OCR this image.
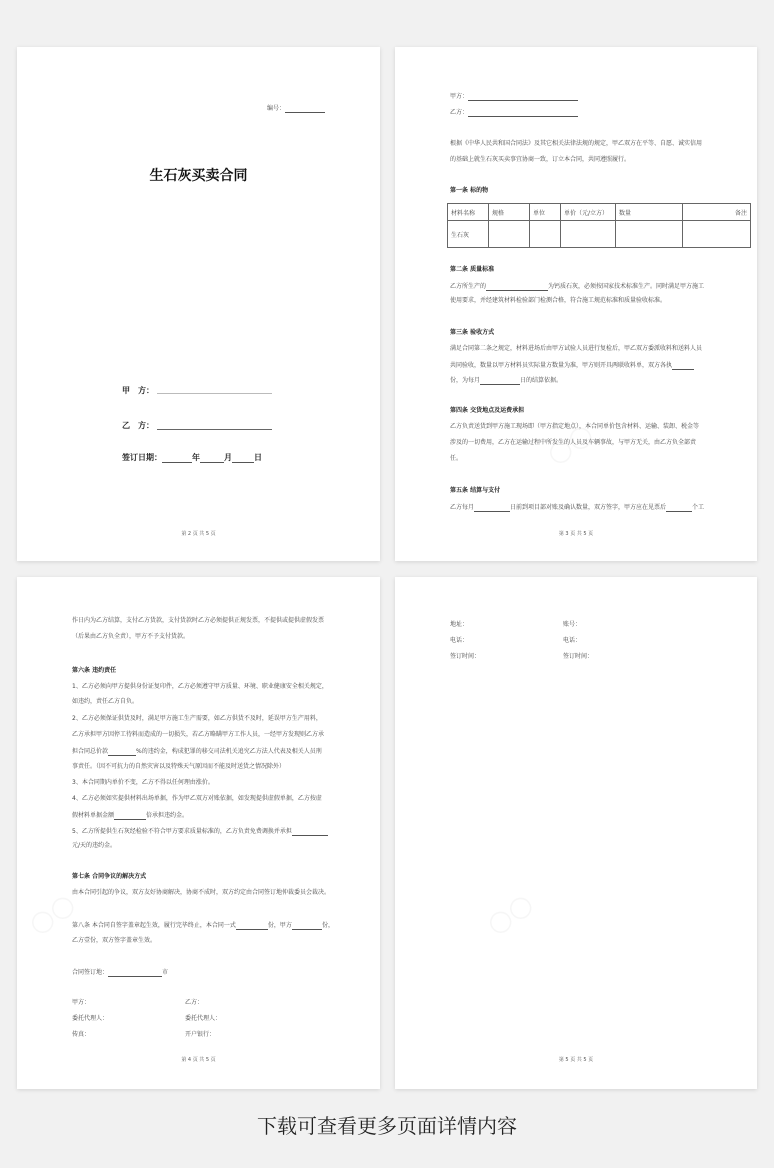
编号：
生石灰买卖合同
甲　方：
乙　方：
签订日期：	年	月	日
第 2 页 共 5 页
甲方：
乙方：
根据《中华人民共和国合同法》及其它相关法律法规的规定，甲乙双方在平等、自愿、诚实信用
的基础上就生石灰买卖事宜协商一致，订立本合同，共同遵照履行。
第一条 标的物
材料名称	规格	单位	单价（元/立方）	数量	备注
生石灰					
第二条 质量标准
乙方所生产的	为钙质石灰，必须按国家技术标准生产。同时满足甲方施工
使用要求，并经建筑材料检验部门检测合格，符合施工规范标准和质量验收标准。
第三条 验收方式
满足合同第二条之规定，材料进场后由甲方试验人员进行复检后，甲乙双方委派收料和送料人员
共同验收，数量以甲方材料员实际量方数量为准，甲方则开具两联收料单，双方各执
份，为每月	日的结算依据。
第四条 交货地点及运费承担
乙方负责送货到甲方施工现场即（甲方指定地点），本合同单价包含材料、运输、装卸、税金等
涉及的一切费用，乙方在运输过程中所发生的人员及车辆事故，与甲方无关，由乙方负全部责
任。
第五条 结算与支付
乙方每月	日前到项目部对账及确认数量，双方签字，甲方应在见票后	个工
第 3 页 共 5 页
作日内为乙方结算，支付乙方货款，支付货款时乙方必须提供正规发票，不提供或提供虚假发票
（后果由乙方负全责），甲方不予支付货款。
第六条 违约责任
1、乙方必须向甲方提供身份证复印件，乙方必须遵守甲方质量、环境、职业健康安全相关规定，
如违约，责任乙方自负。
2、乙方必须保证供货及时，满足甲方施工生产需要，如乙方供货不及时，延误甲方生产用料，
乙方承担甲方因停工待料而造成的一切损失，若乙方略瞒甲方工作人员，一经甲方发现则乙方承
担合同总价款	%的违约金，构成犯罪的移交司法机关追究乙方法人代表及相关人员刑
事责任。（因不可抗力的自然灾害以及特殊天气原因而不能及时送货之情况除外）
3、本合同期内单价不变，乙方不得以任何理由涨价。
4、乙方必须如实提供材料出场单据，作为甲乙双方对账依据，如发现提供虚假单据，乙方按虚
假材料单据金额	倍承担违约金。
5、乙方所提供生石灰经检验不符合甲方要求质量标准的，乙方负责免费调换并承担
元/天的违约金。
第七条 合同争议的解决方式
由本合同引起的争议，双方友好协商解决，协商不成时，双方约定由合同签订地仲裁委员会裁决。
第八条 本合同自签字盖章起生效，履行完毕终止，本合同一式	份，甲方	份，
乙方壹份，双方签字盖章生效。
合同签订地：	市
甲方：	乙方：
委托代理人：	委托代理人：
传真：	开户银行：
第 4 页 共 5 页
地址：	账号：
电话：	电话：
签订时间：	签订时间：
第 5 页 共 5 页
下载可查看更多页面详情内容
